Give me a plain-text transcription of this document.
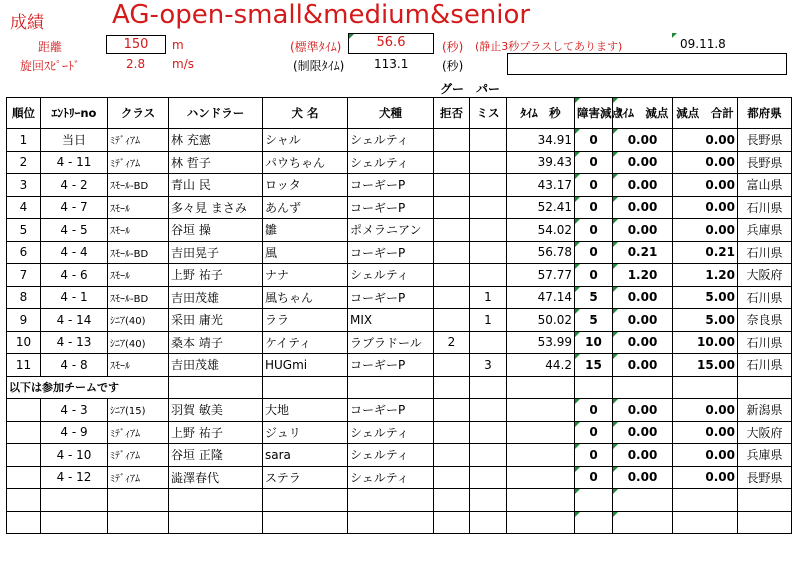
成績	AG-open-small&medium&senior
距離	150	m
旋回ｽﾋﾟｰﾄﾞ	2.8 m/s
(標準ﾀｲﾑ)	56.6	(秒) (静止3秒プラスしてあります)	09.11.8
(制限ﾀｲﾑ) 113.1	(秒)
グー　パー
順位	ｴﾝﾄﾘｰno	クラス	ハンドラー	犬 名	犬種	拒否	ミス	ﾀｲﾑ　秒	障害減点	ﾀｲﾑ　減点	減点　合計	都府県
1	当日	ﾐﾃﾞｨｱﾑ	林 充憲	シャル	シェルティ			34.91	0	0.00	0.00	長野県
2	4 - 11	ﾐﾃﾞｨｱﾑ	林 哲子	パウちゃん	シェルティ			39.43	0	0.00	0.00	長野県
3	4 - 2	ｽﾓｰﾙ-BD	青山 民	ロッタ	コーギーP			43.17	0	0.00	0.00	富山県
4	4 - 7	ｽﾓｰﾙ	多々見 まさみ	あんず	コーギーP			52.41	0	0.00	0.00	石川県
5	4 - 5	ｽﾓｰﾙ	谷垣 操	雛	ポメラニアン			54.02	0	0.00	0.00	兵庫県
6	4 - 4	ｽﾓｰﾙ-BD	吉田晃子	風	コーギーP			56.78	0	0.21	0.21	石川県
7	4 - 6	ｽﾓｰﾙ	上野 祐子	ナナ	シェルティ			57.77	0	1.20	1.20	大阪府
8	4 - 1	ｽﾓｰﾙ-BD	吉田茂雄	風ちゃん	コーギーP		1	47.14	5	0.00	5.00	石川県
9	4 - 14	ｼﾆｱ(40)	采田 庸光	ララ	MIX		1	50.02	5	0.00	5.00	奈良県
10	4 - 13	ｼﾆｱ(40)	桑本 靖子	ケイティ	ラブラドール	2		53.99	10	0.00	10.00	石川県
11	4 - 8	ｽﾓｰﾙ	吉田茂雄	HUGmi	コーギーP		3	44.2	15	0.00	15.00	石川県
以下は参加チームです												
	4 - 3	ｼﾆｱ(15)	羽賀 敏美	大地	コーギーP				0	0.00	0.00	新潟県
	4 - 9	ﾐﾃﾞｨｱﾑ	上野 祐子	ジュリ	シェルティ				0	0.00	0.00	大阪府
	4 - 10	ﾐﾃﾞｨｱﾑ	谷垣 正隆	sara	シェルティ				0	0.00	0.00	兵庫県
	4 - 12	ﾐﾃﾞｨｱﾑ	澁澤春代	ステラ	シェルティ				0	0.00	0.00	長野県
